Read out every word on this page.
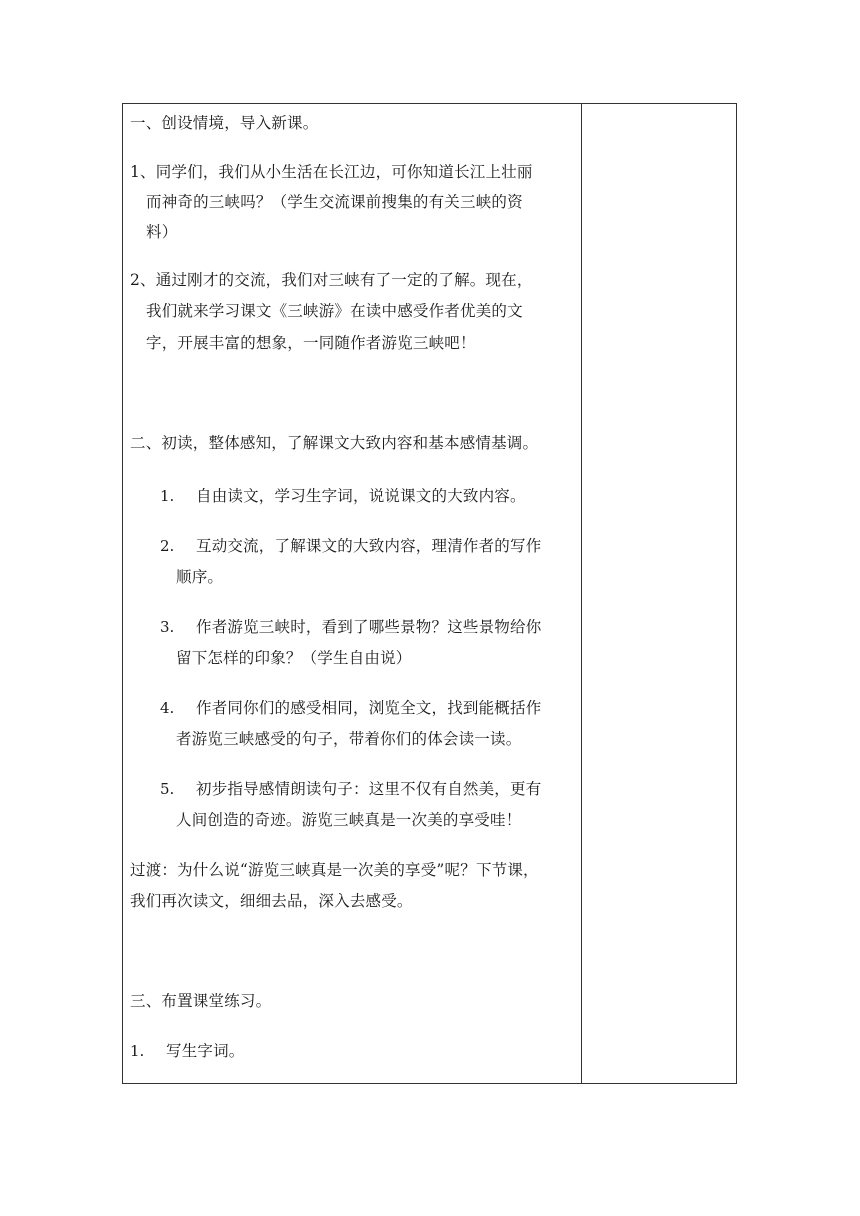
一、创设情境，导入新课。
1、同学们，我们从小生活在长江边，可你知道长江上壮丽
而神奇的三峡吗？（学生交流课前搜集的有关三峡的资
料）
2、通过刚才的交流，我们对三峡有了一定的了解。现在，
我们就来学习课文《三峡游》在读中感受作者优美的文
字，开展丰富的想象，一同随作者游览三峡吧！
二、初读，整体感知，了解课文大致内容和基本感情基调。
1. 自由读文，学习生字词，说说课文的大致内容。
2. 互动交流，了解课文的大致内容，理清作者的写作
顺序。
3. 作者游览三峡时，看到了哪些景物？这些景物给你
留下怎样的印象？（学生自由说）
4. 作者同你们的感受相同，浏览全文，找到能概括作
者游览三峡感受的句子，带着你们的体会读一读。
5. 初步指导感情朗读句子：这里不仅有自然美，更有
人间创造的奇迹。游览三峡真是一次美的享受哇！
过渡：为什么说“游览三峡真是一次美的享受”呢？下节课，
我们再次读文，细细去品，深入去感受。
三、布置课堂练习。
1. 写生字词。
